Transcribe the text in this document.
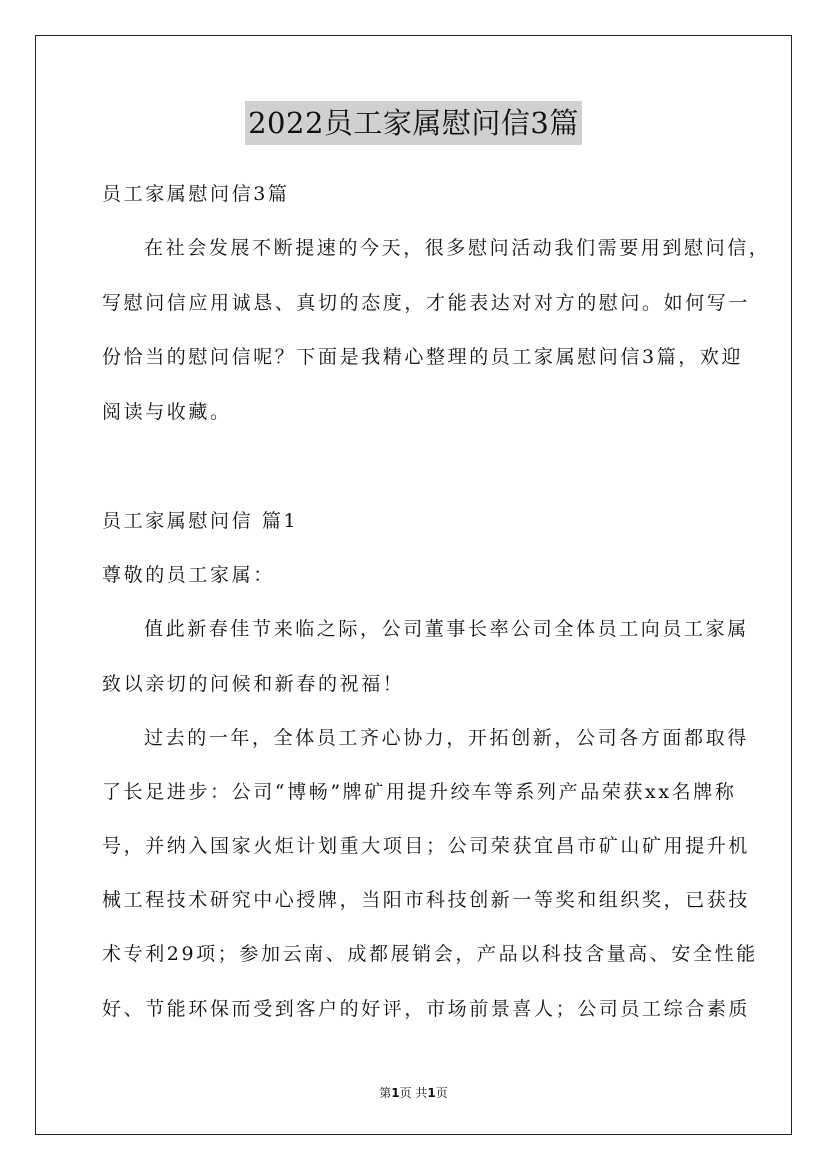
2022员工家属慰问信3篇
员工家属慰问信3篇
在社会发展不断提速的今天，很多慰问活动我们需要用到慰问信，
写慰问信应用诚恳、真切的态度，才能表达对对方的慰问。如何写一
份恰当的慰问信呢？下面是我精心整理的员工家属慰问信3篇，欢迎
阅读与收藏。
员工家属慰问信 篇1
尊敬的员工家属：
值此新春佳节来临之际，公司董事长率公司全体员工向员工家属
致以亲切的问候和新春的祝福！
过去的一年，全体员工齐心协力，开拓创新，公司各方面都取得
了长足进步：公司“博畅”牌矿用提升绞车等系列产品荣获xx名牌称
号，并纳入国家火炬计划重大项目；公司荣获宜昌市矿山矿用提升机
械工程技术研究中心授牌，当阳市科技创新一等奖和组织奖，已获技
术专利29项；参加云南、成都展销会，产品以科技含量高、安全性能
好、节能环保而受到客户的好评，市场前景喜人；公司员工综合素质
第1页 共1页
